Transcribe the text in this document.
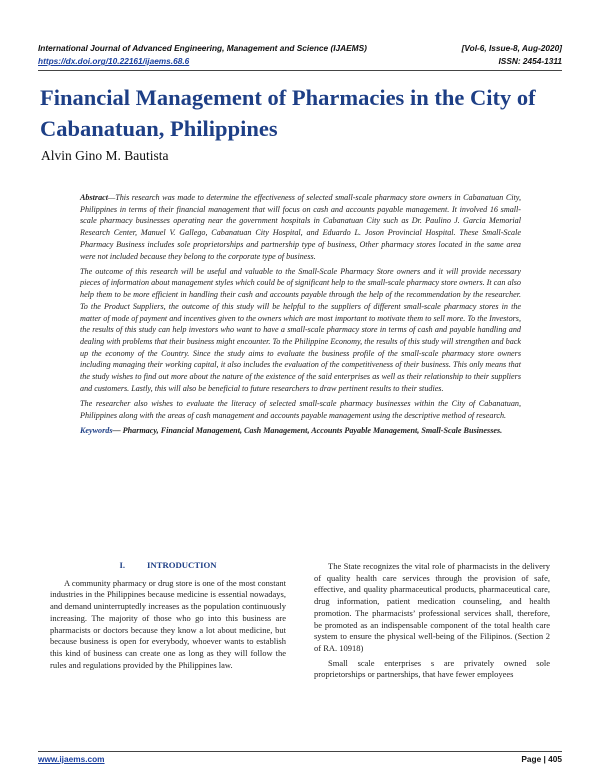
International Journal of Advanced Engineering, Management and Science (IJAEMS)	[Vol-6, Issue-8, Aug-2020]
https://dx.doi.org/10.22161/ijaems.68.6	ISSN: 2454-1311
Financial Management of Pharmacies in the City of Cabanatuan, Philippines
Alvin Gino M. Bautista

Abstract—This research was made to determine the effectiveness of selected small-scale pharmacy store owners in Cabanatuan City, Philippines in terms of their financial management that will focus on cash and accounts payable management. It involved 16 small-scale pharmacy businesses operating near the government hospitals in Cabanatuan City such as Dr. Paulino J. Garcia Memorial Research Center, Manuel V. Gallego, Cabanatuan City Hospital, and Eduardo L. Joson Provincial Hospital. These Small-Scale Pharmacy Business includes sole proprietorships and partnership type of business, Other pharmacy stores located in the same area were not included because they belong to the corporate type of business.

The outcome of this research will be useful and valuable to the Small-Scale Pharmacy Store owners and it will provide necessary pieces of information about management styles which could be of significant help to the small-scale pharmacy store owners. It can also help them to be more efficient in handling their cash and accounts payable through the help of the recommendation by the researcher. To the Product Suppliers, the outcome of this study will be helpful to the suppliers of different small-scale pharmacy stores in the matter of mode of payment and incentives given to the owners which are most important to motivate them to sell more. To the Investors, the results of this study can help investors who want to have a small-scale pharmacy store in terms of cash and payable handling and dealing with problems that their business might encounter. To the Philippine Economy, the results of this study will strengthen and back up the economy of the Country. Since the study aims to evaluate the business profile of the small-scale pharmacy store owners including managing their working capital, it also includes the evaluation of the competitiveness of their business. This only means that the study wishes to find out more about the nature of the existence of the said enterprises as well as their relationship to their suppliers and customers. Lastly, this will also be beneficial to future researchers to draw pertinent results to their studies.

The researcher also wishes to evaluate the literacy of selected small-scale pharmacy businesses within the City of Cabanatuan, Philippines along with the areas of cash management and accounts payable management using the descriptive method of research.

Keywords— Pharmacy, Financial Management, Cash Management, Accounts Payable Management, Small-Scale Businesses.

I.	INTRODUCTION

A community pharmacy or drug store is one of the most constant industries in the Philippines because medicine is essential nowadays, and demand uninterruptedly increases as the population continuously increasing. The majority of those who go into this business are pharmacists or doctors because they know a lot about medicine, but because business is open for everybody, whoever wants to establish this kind of business can create one as long as they will follow the rules and regulations provided by the Philippines law.

The State recognizes the vital role of pharmacists in the delivery of quality health care services through the provision of safe, effective, and quality pharmaceutical products, pharmaceutical care, drug information, patient medication counseling, and health promotion. The pharmacists’ professional services shall, therefore, be promoted as an indispensable component of the total health care system to ensure the physical well-being of the Filipinos. (Section 2 of RA. 10918)

Small scale enterprises s are privately owned sole proprietorships or partnerships, that have fewer employees

www.ijaems.com	Page | 405
